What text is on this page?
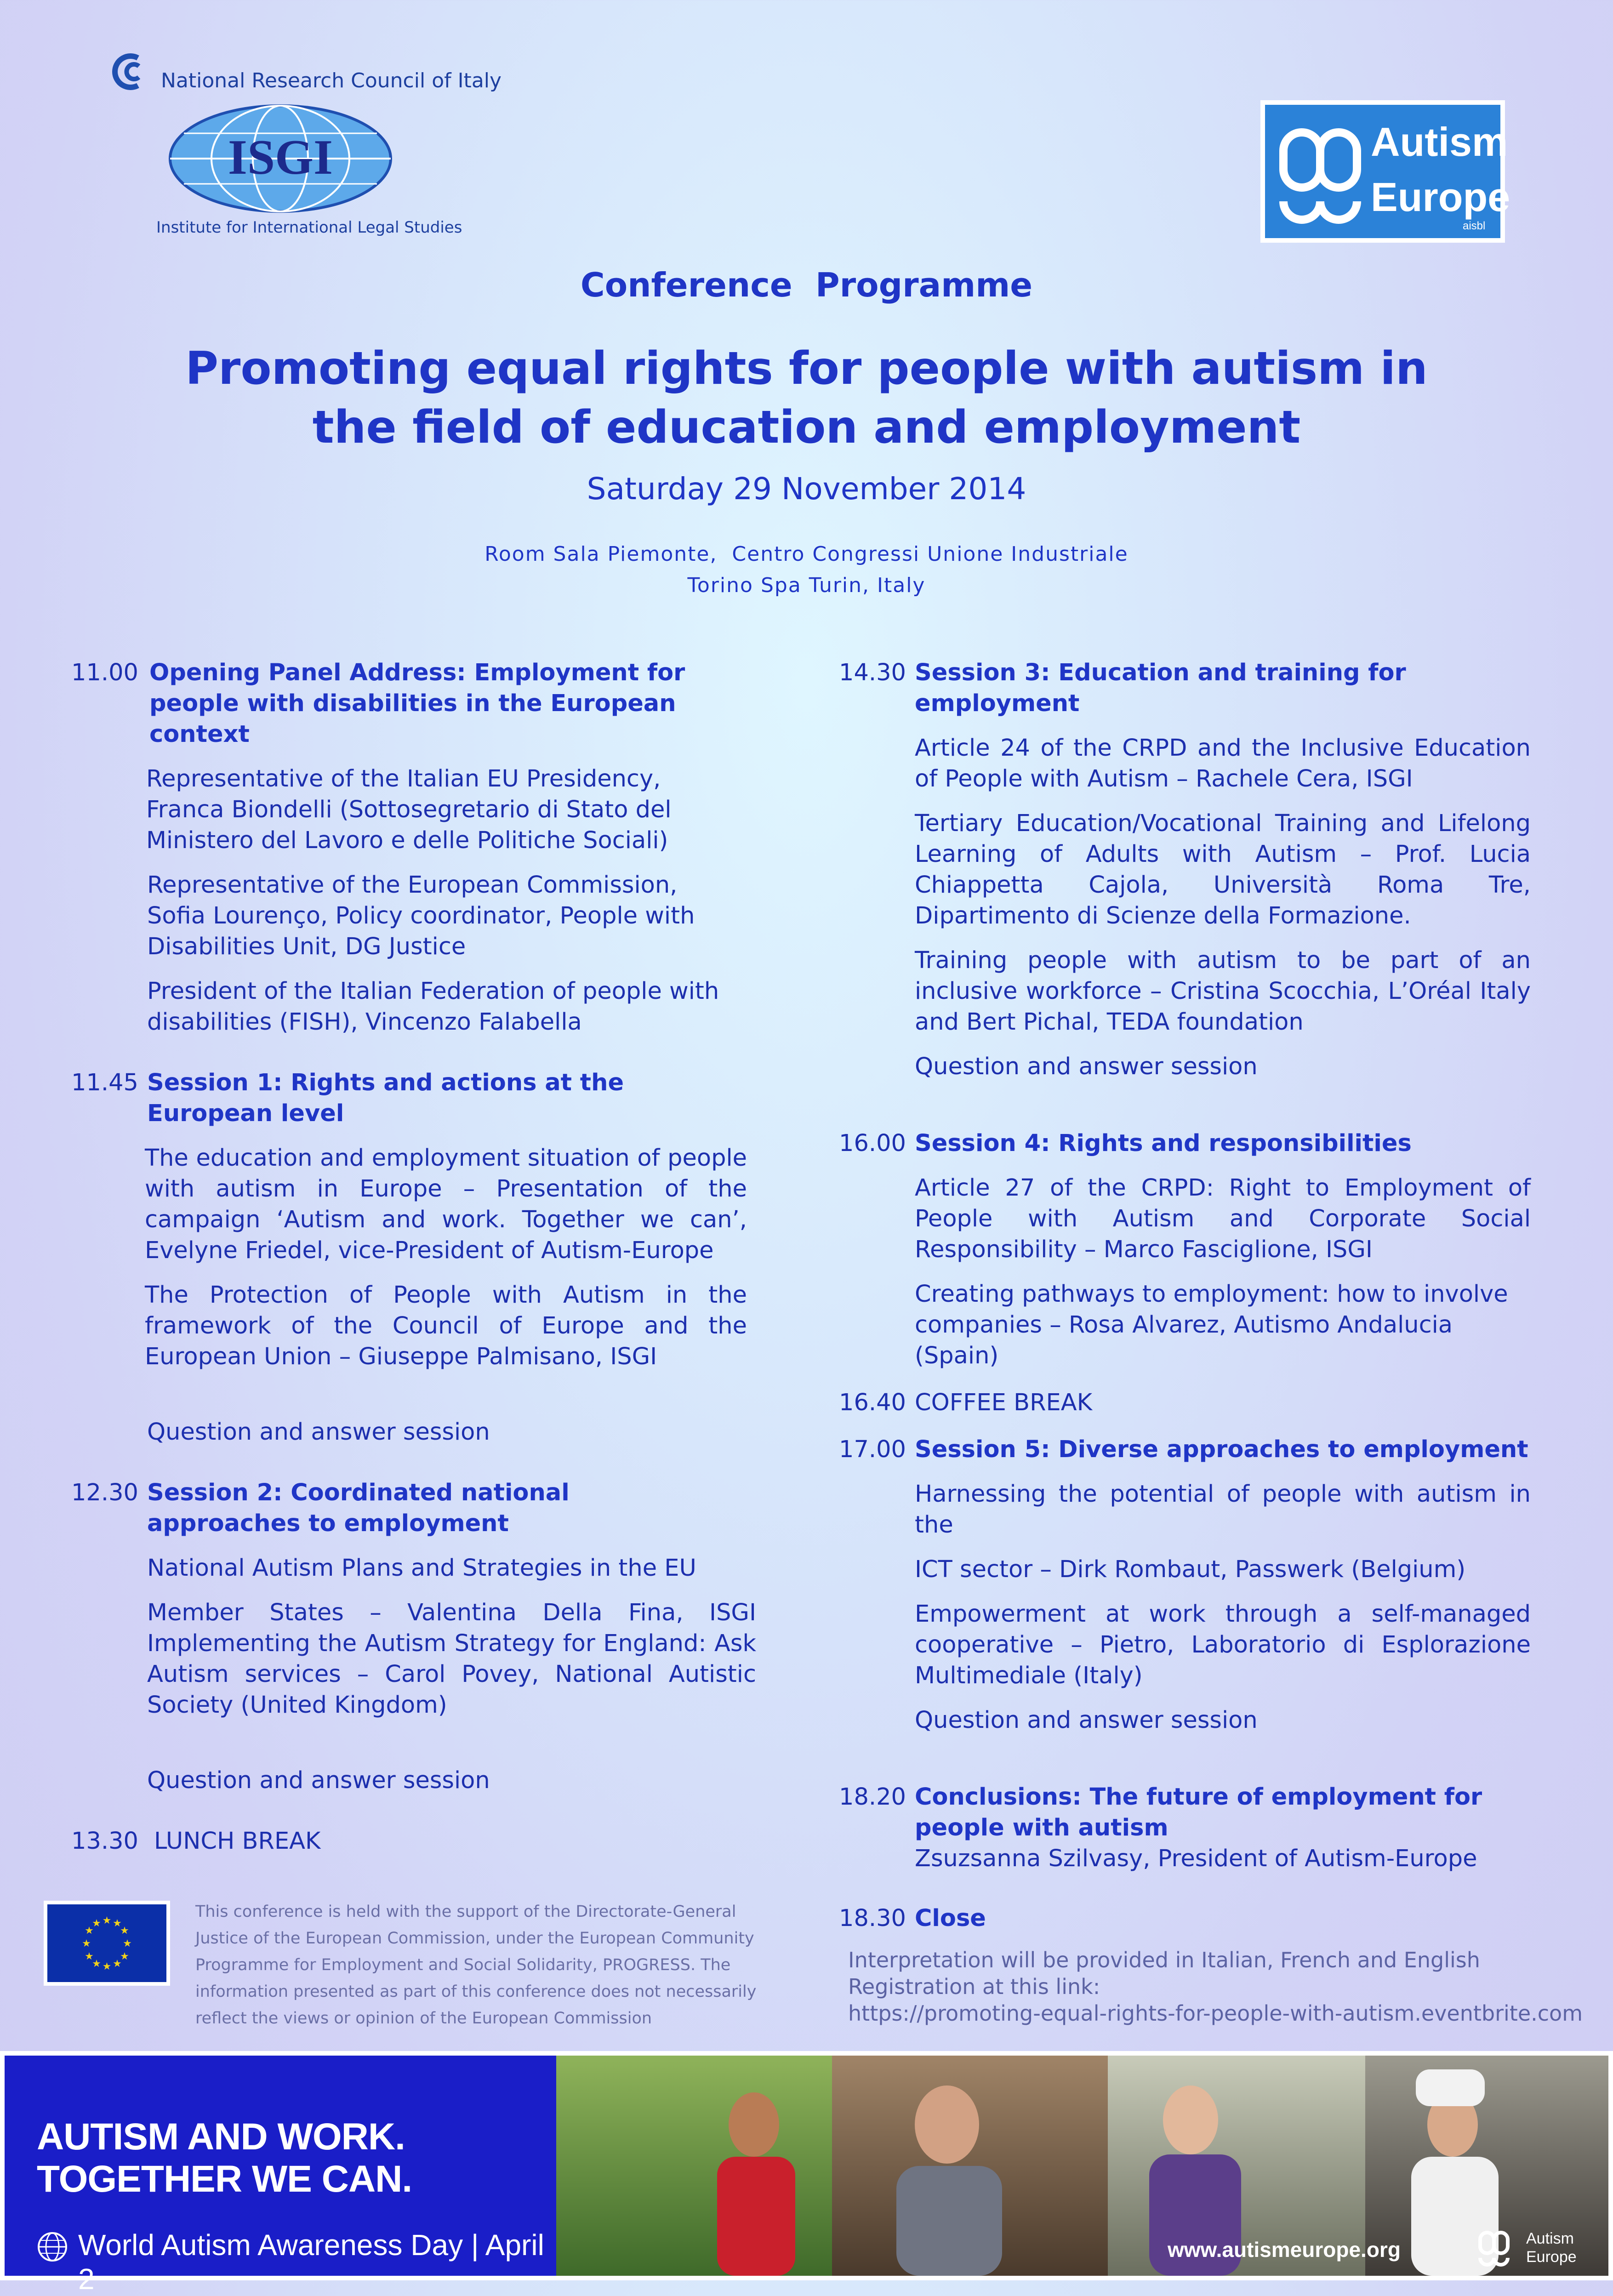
National Research Council of Italy
ISGI
Institute for International Legal Studies
Autism
Europe
aisbl
Conference  Programme
Promoting equal rights for people with autism in the field of education and employment
Saturday 29 November 2014
Room Sala Piemonte,  Centro Congressi Unione Industriale
Torino Spa Turin, Italy
11.00 Opening Panel Address: Employment for people with disabilities in the European context
Representative of the Italian EU Presidency, Franca Biondelli (Sottosegretario di Stato del Ministero del Lavoro e delle Politiche Sociali)
Representative of the European Commission, Sofia Lourenço, Policy coordinator, People with Disabilities Unit, DG Justice
President of the Italian Federation of people with disabilities (FISH), Vincenzo Falabella
11.45 Session 1: Rights and actions at the European level
The education and employment situation of people with autism in Europe – Presentation of the campaign ‘Autism and work. Together we can’, Evelyne Friedel, vice-President of Autism-Europe
The Protection of People with Autism in the framework of the Council of Europe and the European Union – Giuseppe Palmisano, ISGI
Question and answer session
12.30 Session 2: Coordinated national approaches to employment
National Autism Plans and Strategies in the EU
Member States – Valentina Della Fina, ISGI Implementing the Autism Strategy for England: Ask Autism services – Carol Povey, National Autistic Society (United Kingdom)
Question and answer session
13.30 LUNCH BREAK
14.30 Session 3: Education and training for employment
Article 24 of the CRPD and the Inclusive Education of People with Autism – Rachele Cera, ISGI
Tertiary Education/Vocational Training and Lifelong Learning of Adults with Autism – Prof. Lucia Chiappetta Cajola, Università Roma Tre, Dipartimento di Scienze della Formazione.
Training people with autism to be part of an inclusive workforce – Cristina Scocchia, L’Oréal Italy and Bert Pichal, TEDA foundation
Question and answer session
16.00 Session 4: Rights and responsibilities
Article 27 of the CRPD: Right to Employment of People with Autism and Corporate Social Responsibility – Marco Fasciglione, ISGI
Creating pathways to employment: how to involve companies – Rosa Alvarez, Autismo Andalucia (Spain)
16.40 COFFEE BREAK
17.00 Session 5: Diverse approaches to employment
Harnessing the potential of people with autism in the
ICT sector – Dirk Rombaut, Passwerk (Belgium)
Empowerment at work through a self-managed cooperative – Pietro, Laboratorio di Esplorazione Multimediale (Italy)
Question and answer session
18.20 Conclusions: The future of employment for people with autism
Zsuzsanna Szilvasy, President of Autism-Europe
18.30 Close
★ ★
★
★
★
★
★
★
★
★
★
★
This conference is held with the support of the Directorate-General Justice of the European Commission, under the European Community Programme for Employment and Social Solidarity, PROGRESS. The information presented as part of this conference does not necessarily reflect the views or opinion of the European Commission
Interpretation will be provided in Italian, French and English
Registration at this link:
https://promoting-equal-rights-for-people-with-autism.eventbrite.com
AUTISM AND WORK.
TOGETHER WE CAN.
World Autism Awareness Day | April 2
www.autismeurope.org	Autism
Europe
